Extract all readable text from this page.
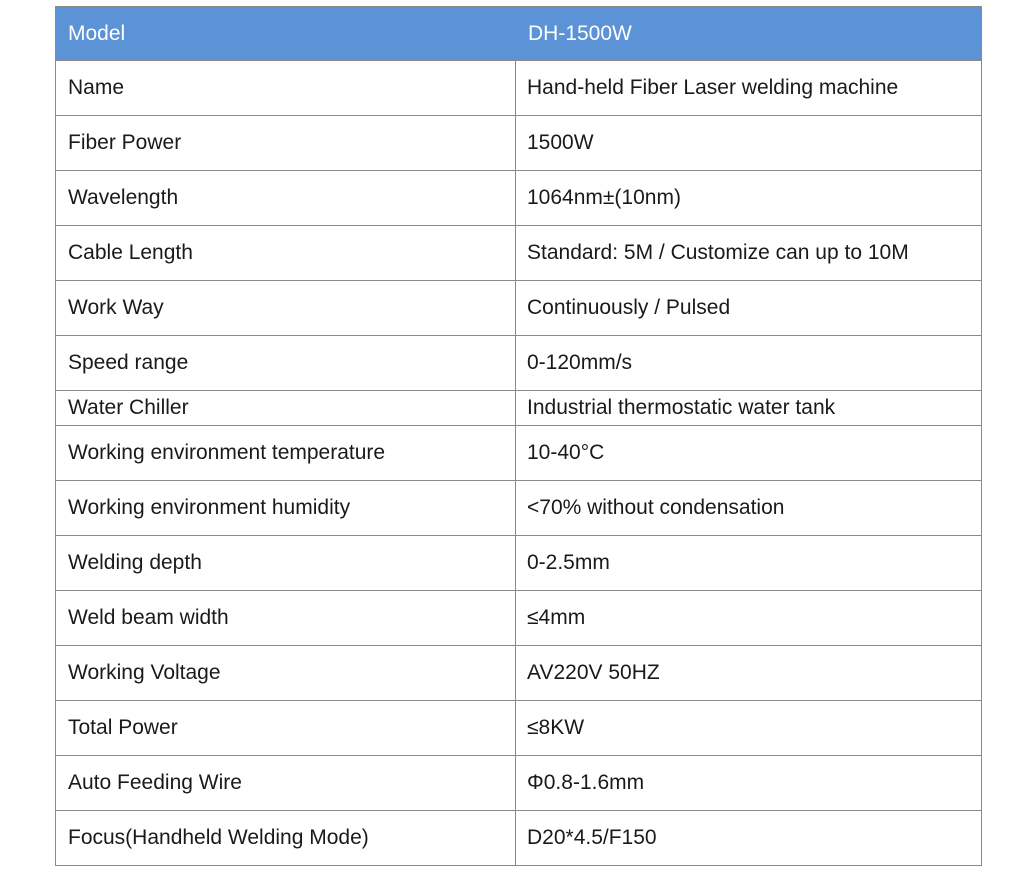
Model	DH-1500W
Name	Hand-held Fiber Laser welding machine
Fiber Power	1500W
Wavelength	1064nm±(10nm)
Cable Length	Standard: 5M / Customize can up to 10M
Work Way	Continuously / Pulsed
Speed range	0-120mm/s
Water Chiller	Industrial thermostatic water tank
Working environment temperature	10-40°C
Working environment humidity	<70% without condensation
Welding depth	0-2.5mm
Weld beam width	≤4mm
Working Voltage	AV220V 50HZ
Total Power	≤8KW
Auto Feeding Wire	Φ0.8-1.6mm
Focus(Handheld Welding Mode)	D20*4.5/F150
